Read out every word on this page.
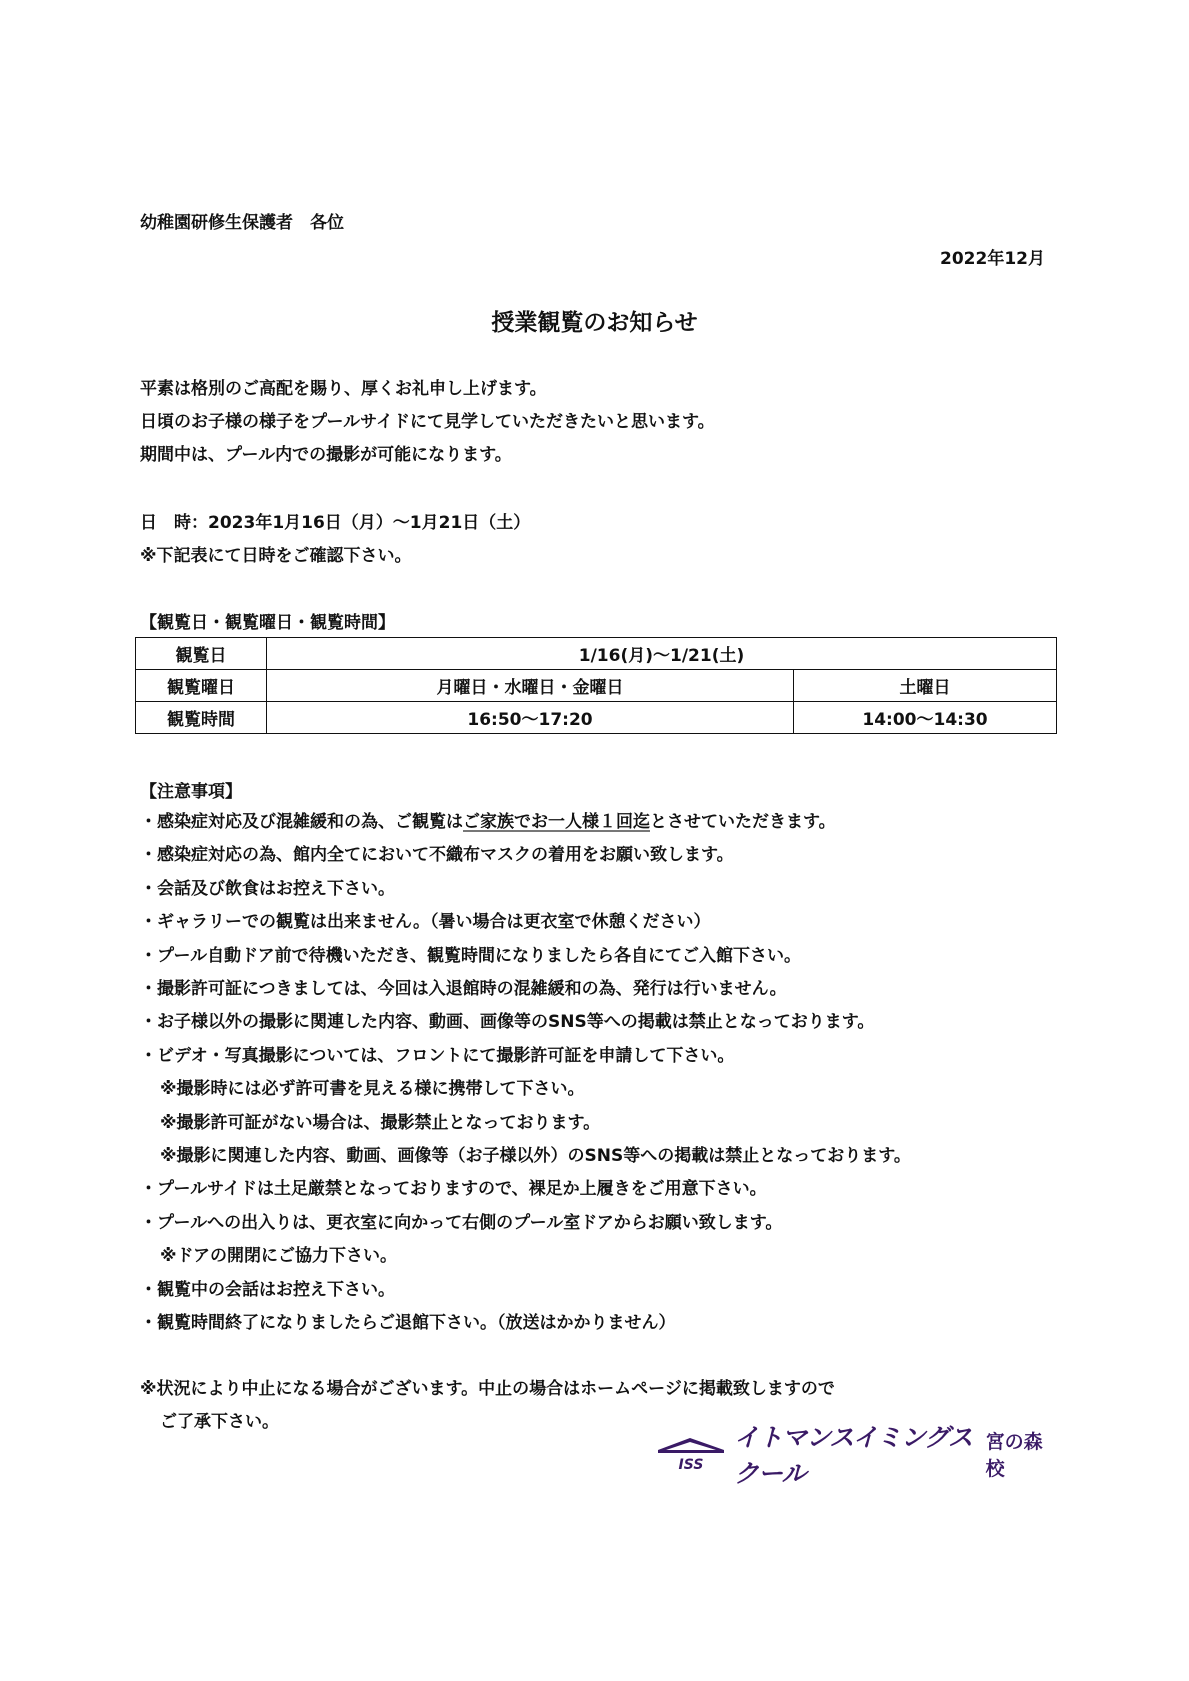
幼稚園研修生保護者　各位
2022年12月
授業観覧のお知らせ
平素は格別のご高配を賜り、厚くお礼申し上げます。
日頃のお子様の様子をプールサイドにて見学していただきたいと思います。
期間中は、プール内での撮影が可能になります。
日　時：2023年1月16日（月）～1月21日（土）
※下記表にて日時をご確認下さい。
【観覧日・観覧曜日・観覧時間】
観覧日	1/16(月)～1/21(土)	
観覧曜日	月曜日・水曜日・金曜日	土曜日
観覧時間	16:50～17:20	14:00～14:30
【注意事項】
・感染症対応及び混雑緩和の為、ご観覧はご家族でお一人様１回迄とさせていただきます。
・感染症対応の為、館内全てにおいて不織布マスクの着用をお願い致します。
・会話及び飲食はお控え下さい。
・ギャラリーでの観覧は出来ません。（暑い場合は更衣室で休憩ください）
・プール自動ドア前で待機いただき、観覧時間になりましたら各自にてご入館下さい。
・撮影許可証につきましては、今回は入退館時の混雑緩和の為、発行は行いません。
・お子様以外の撮影に関連した内容、動画、画像等のSNS等への掲載は禁止となっております。
・ビデオ・写真撮影については、フロントにて撮影許可証を申請して下さい。
※撮影時には必ず許可書を見える様に携帯して下さい。
※撮影許可証がない場合は、撮影禁止となっております。
※撮影に関連した内容、動画、画像等（お子様以外）のSNS等への掲載は禁止となっております。
・プールサイドは土足厳禁となっておりますので、裸足か上履きをご用意下さい。
・プールへの出入りは、更衣室に向かって右側のプール室ドアからお願い致します。
※ドアの開閉にご協力下さい。
・観覧中の会話はお控え下さい。
・観覧時間終了になりましたらご退館下さい。（放送はかかりません）
※状況により中止になる場合がございます。中止の場合はホームページに掲載致しますので
ご了承下さい。
ISS
イトマンスイミングスクール
宮の森校
